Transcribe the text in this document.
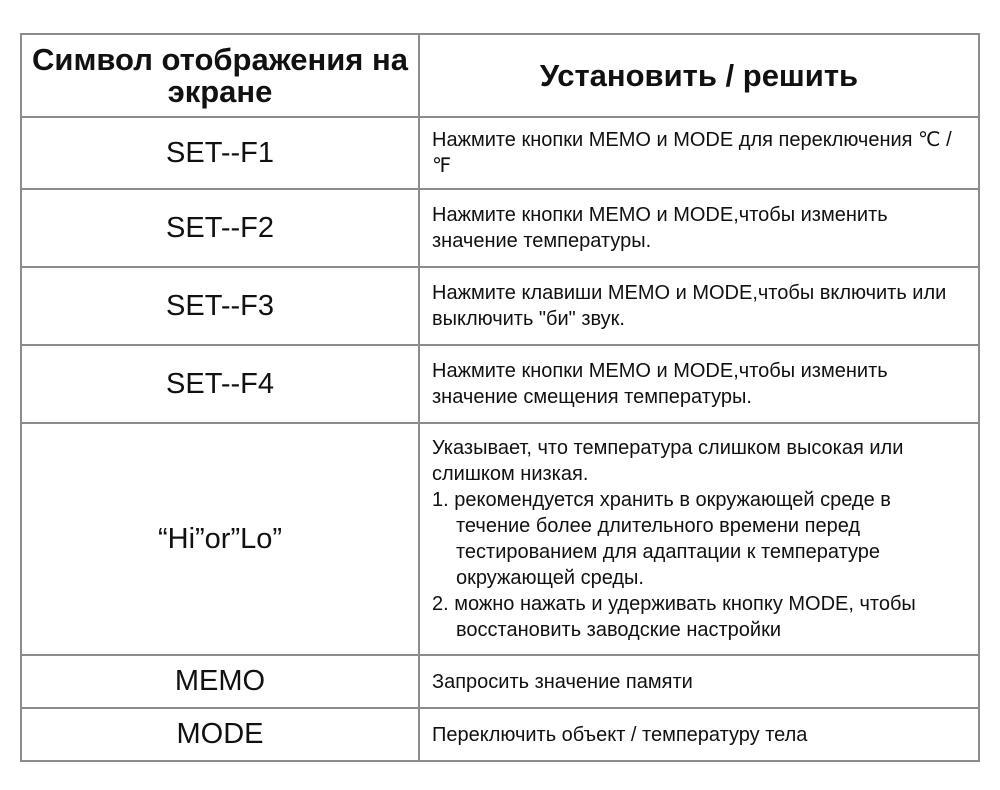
Символ отображения на экране	Установить / решить
SET--F1	Нажмите кнопки MEMO и MODE для переключения ℃ / ℉
SET--F2	Нажмите кнопки MEMO и MODE,чтобы изменить значение температуры.
SET--F3	Нажмите клавиши MEMO и MODE,чтобы включить или выключить "би" звук.
SET--F4	Нажмите кнопки MEMO и MODE,чтобы изменить значение смещения температуры.
“Hi”or”Lo”	Указывает, что температура слишком высокая или слишком низкая.
1. рекомендуется хранить в окружающей среде в течение более длительного времени перед тестированием для адаптации к температуре окружающей среды.
2. можно нажать и удерживать кнопку MODE, чтобы восстановить заводские настройки

MEMO	Запросить значение памяти
MODE	Переключить объект / температуру тела
